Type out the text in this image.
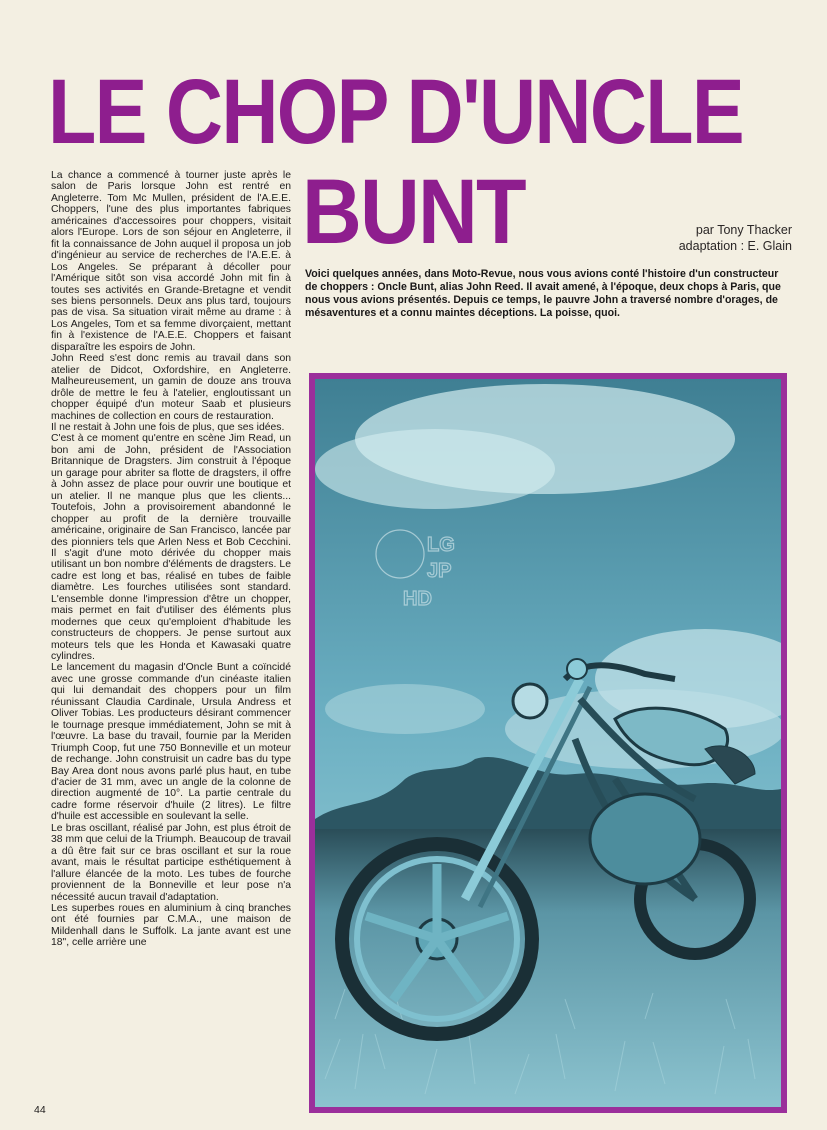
LE CHOP D'UNCLE
BUNT	par Tony Thacker
adaptation : E. Glain
Voici quelques années, dans Moto-Revue, nous vous avions conté l'histoire d'un constructeur de choppers : Oncle Bunt, alias John Reed. Il avait amené, à l'époque, deux chops à Paris, que nous vous avions présentés. Depuis ce temps, le pauvre John a traversé nombre d'orages, de mésaventures et a connu maintes déceptions. La poisse, quoi.

La chance a commencé à tourner juste après le salon de Paris lorsque John est rentré en Angleterre. Tom Mc Mullen, président de l'A.E.E. Choppers, l'une des plus importantes fabriques américaines d'accessoires pour choppers, visitait alors l'Europe. Lors de son séjour en Angleterre, il fit la connaissance de John auquel il proposa un job d'ingénieur au service de recherches de l'A.E.E. à Los Angeles. Se préparant à décoller pour l'Amérique sitôt son visa accordé John mit fin à toutes ses activités en Grande-Bretagne et vendit ses biens personnels. Deux ans plus tard, toujours pas de visa. Sa situation virait même au drame : à Los Angeles, Tom et sa femme divorçaient, mettant fin à l'existence de l'A.E.E. Choppers et faisant disparaître les espoirs de John.

John Reed s'est donc remis au travail dans son atelier de Didcot, Oxfordshire, en Angleterre. Malheureusement, un gamin de douze ans trouva drôle de mettre le feu à l'atelier, engloutissant un chopper équipé d'un moteur Saab et plusieurs machines de collection en cours de restauration.

Il ne restait à John une fois de plus, que ses idées.

C'est à ce moment qu'entre en scène Jim Read, un bon ami de John, président de l'Association Britannique de Dragsters. Jim construit à l'époque un garage pour abriter sa flotte de dragsters, il offre à John assez de place pour ouvrir une boutique et un atelier. Il ne manque plus que les clients... Toutefois, John a provisoirement abandonné le chopper au profit de la dernière trouvaille américaine, originaire de San Francisco, lancée par des pionniers tels que Arlen Ness et Bob Cecchini. Il s'agit d'une moto dérivée du chopper mais utilisant un bon nombre d'éléments de dragsters. Le cadre est long et bas, réalisé en tubes de faible diamètre. Les fourches utilisées sont standard. L'ensemble donne l'impression d'être un chopper, mais permet en fait d'utiliser des éléments plus modernes que ceux qu'emploient d'habitude les constructeurs de choppers. Je pense surtout aux moteurs tels que les Honda et Kawasaki quatre cylindres.

Le lancement du magasin d'Oncle Bunt a coïncidé avec une grosse commande d'un cinéaste italien qui lui demandait des choppers pour un film réunissant Claudia Cardinale, Ursula Andress et Oliver Tobias. Les producteurs désirant commencer le tournage presque immédiatement, John se mit à l'œuvre. La base du travail, fournie par la Meriden Triumph Coop, fut une 750 Bonneville et un moteur de rechange. John construisit un cadre bas du type Bay Area dont nous avons parlé plus haut, en tube d'acier de 31 mm, avec un angle de la colonne de direction augmenté de 10°. La partie centrale du cadre forme réservoir d'huile (2 litres). Le filtre d'huile est accessible en soulevant la selle.

Le bras oscillant, réalisé par John, est plus étroit de 38 mm que celui de la Triumph. Beaucoup de travail a dû être fait sur ce bras oscillant et sur la roue avant, mais le résultat participe esthétiquement à l'allure élancée de la moto. Les tubes de fourche proviennent de la Bonneville et leur pose n'a nécessité aucun travail d'adaptation.

Les superbes roues en aluminium à cinq branches ont été fournies par C.M.A., une maison de Mildenhall dans le Suffolk. La jante avant est une 18", celle arrière une

44
LG
JP
HD
